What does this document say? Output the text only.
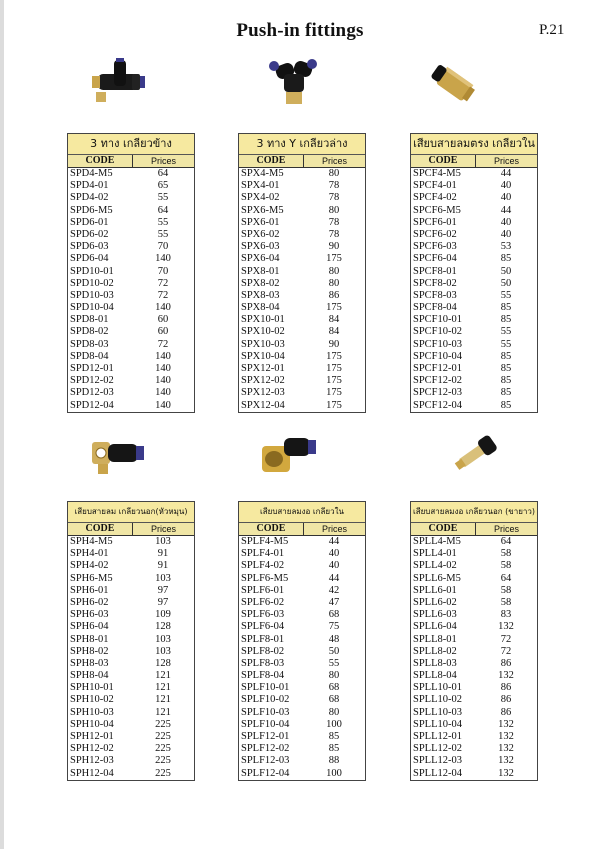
Push-in fittings	P.21
3 ทาง เกลียวข้าง
CODE	Prices
SPD4-M5	64
SPD4-01	65
SPD4-02	55
SPD6-M5	64
SPD6-01	55
SPD6-02	55
SPD6-03	70
SPD6-04	140
SPD10-01	70
SPD10-02	72
SPD10-03	72
SPD10-04	140
SPD8-01	60
SPD8-02	60
SPD8-03	72
SPD8-04	140
SPD12-01	140
SPD12-02	140
SPD12-03	140
SPD12-04	140
3 ทาง Y เกลียวล่าง
CODE	Prices
SPX4-M5	80
SPX4-01	78
SPX4-02	78
SPX6-M5	80
SPX6-01	78
SPX6-02	78
SPX6-03	90
SPX6-04	175
SPX8-01	80
SPX8-02	80
SPX8-03	86
SPX8-04	175
SPX10-01	84
SPX10-02	84
SPX10-03	90
SPX10-04	175
SPX12-01	175
SPX12-02	175
SPX12-03	175
SPX12-04	175
เสียบสายลมตรง เกลียวใน
CODE	Prices
SPCF4-M5	44
SPCF4-01	40
SPCF4-02	40
SPCF6-M5	44
SPCF6-01	40
SPCF6-02	40
SPCF6-03	53
SPCF6-04	85
SPCF8-01	50
SPCF8-02	50
SPCF8-03	55
SPCF8-04	85
SPCF10-01	85
SPCF10-02	55
SPCF10-03	55
SPCF10-04	85
SPCF12-01	85
SPCF12-02	85
SPCF12-03	85
SPCF12-04	85
เสียบสายลม เกลียวนอก(หัวหมุน)
CODE	Prices
SPH4-M5	103
SPH4-01	91
SPH4-02	91
SPH6-M5	103
SPH6-01	97
SPH6-02	97
SPH6-03	109
SPH6-04	128
SPH8-01	103
SPH8-02	103
SPH8-03	128
SPH8-04	121
SPH10-01	121
SPH10-02	121
SPH10-03	121
SPH10-04	225
SPH12-01	225
SPH12-02	225
SPH12-03	225
SPH12-04	225
เสียบสายลมงอ เกลียวใน
CODE	Prices
SPLF4-M5	44
SPLF4-01	40
SPLF4-02	40
SPLF6-M5	44
SPLF6-01	42
SPLF6-02	47
SPLF6-03	68
SPLF6-04	75
SPLF8-01	48
SPLF8-02	50
SPLF8-03	55
SPLF8-04	80
SPLF10-01	68
SPLF10-02	68
SPLF10-03	80
SPLF10-04	100
SPLF12-01	85
SPLF12-02	85
SPLF12-03	88
SPLF12-04	100
เสียบสายลมงอ เกลียวนอก (ขายาว)
CODE	Prices
SPLL4-M5	64
SPLL4-01	58
SPLL4-02	58
SPLL6-M5	64
SPLL6-01	58
SPLL6-02	58
SPLL6-03	83
SPLL6-04	132
SPLL8-01	72
SPLL8-02	72
SPLL8-03	86
SPLL8-04	132
SPLL10-01	86
SPLL10-02	86
SPLL10-03	86
SPLL10-04	132
SPLL12-01	132
SPLL12-02	132
SPLL12-03	132
SPLL12-04	132
